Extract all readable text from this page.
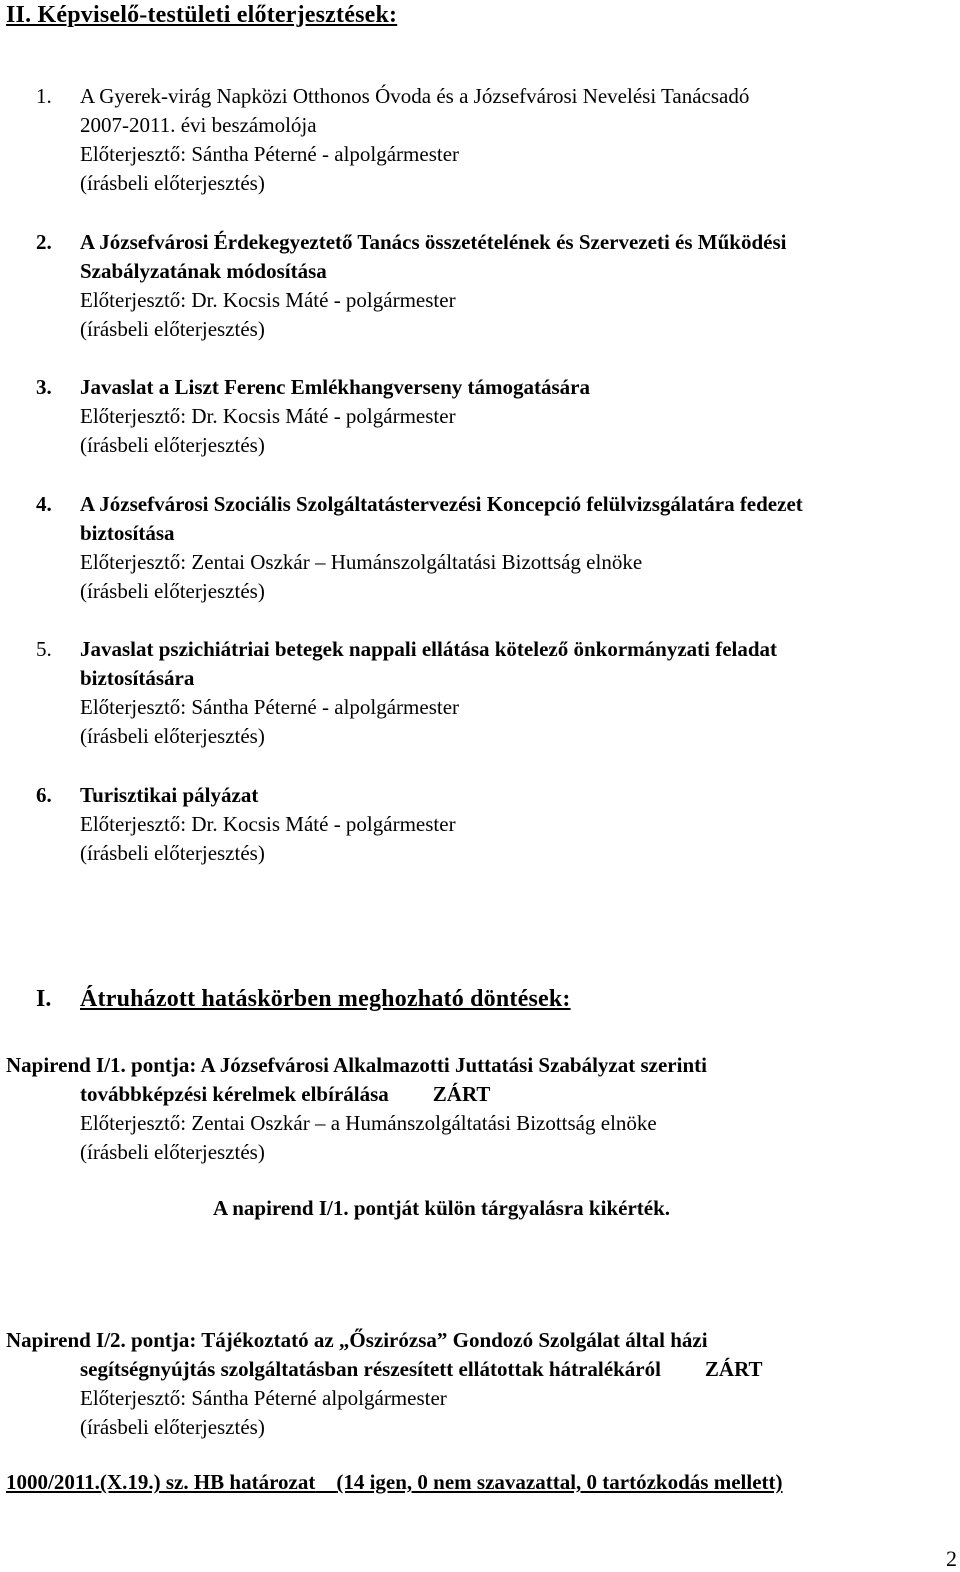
II. Képviselő-testületi előterjesztések:
1.	A Gyerek-virág Napközi Otthonos Óvoda és a Józsefvárosi Nevelési Tanácsadó
2007-2011. évi beszámolója
Előterjesztő: Sántha Péterné - alpolgármester
(írásbeli előterjesztés)
2.	A Józsefvárosi Érdekegyeztető Tanács összetételének és Szervezeti és Működési
Szabályzatának módosítása
Előterjesztő: Dr. Kocsis Máté - polgármester
(írásbeli előterjesztés)
3.	Javaslat a Liszt Ferenc Emlékhangverseny támogatására
Előterjesztő: Dr. Kocsis Máté - polgármester
(írásbeli előterjesztés)
4.	A Józsefvárosi Szociális Szolgáltatástervezési Koncepció felülvizsgálatára fedezet
biztosítása
Előterjesztő: Zentai Oszkár – Humánszolgáltatási Bizottság elnöke
(írásbeli előterjesztés)
5.	Javaslat pszichiátriai betegek nappali ellátása kötelező önkormányzati feladat
biztosítására
Előterjesztő: Sántha Péterné - alpolgármester
(írásbeli előterjesztés)
6.	Turisztikai pályázat
Előterjesztő: Dr. Kocsis Máté - polgármester
(írásbeli előterjesztés)
I. Átruházott hatáskörben meghozható döntések:
Napirend I/1. pontja: A Józsefvárosi Alkalmazotti Juttatási Szabályzat szerinti
továbbképzési kérelmek elbírálása ZÁRT
Előterjesztő: Zentai Oszkár – a Humánszolgáltatási Bizottság elnöke
(írásbeli előterjesztés)
A napirend I/1. pontját külön tárgyalásra kikérték.
Napirend I/2. pontja: Tájékoztató az „Őszirózsa” Gondozó Szolgálat által házi
segítségnyújtás szolgáltatásban részesített ellátottak hátralékáról ZÁRT
Előterjesztő: Sántha Péterné alpolgármester
(írásbeli előterjesztés)
1000/2011.(X.19.) sz. HB határozat (14 igen, 0 nem szavazattal, 0 tartózkodás mellett)
2
